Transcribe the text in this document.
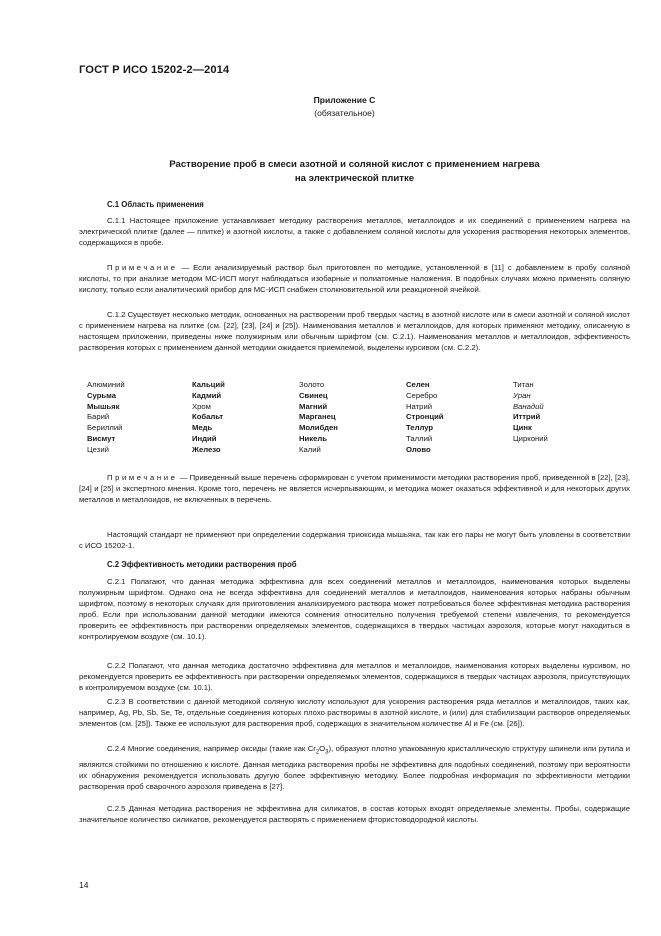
ГОСТ Р ИСО 15202-2—2014
Приложение С
(обязательное)
Растворение проб в смеси азотной и соляной кислот с применением нагрева
на электрической плитке
С.1 Область применения

С.1.1 Настоящее приложение устанавливает методику растворения металлов, металлоидов и их соединений с применением нагрева на электрической плитке (далее — плитке) и азотной кислоты, а также с добавлением соляной кислоты для ускорения растворения некоторых элементов, содержащихся в пробе.

Примечание — Если анализируемый раствор был приготовлен по методике, установленной в [11] с добавлением в пробу соляной кислоты, то при анализе методом МС-ИСП могут наблюдаться изобарные и полиатомные наложения. В подобных случаях можно применять соляную кислоту, только если аналитический прибор для МС-ИСП снабжен столкновительной или реакционной ячейкой.

С.1.2 Существует несколько методик, основанных на растворении проб твердых частиц в азотной кислоте или в смеси азотной и соляной кислот с применением нагрева на плитке (см. [22], [23], [24] и [25]). Наименования металлов и металлоидов, для которых применяют методику, описанную в настоящем приложении, приведены ниже полужирным или обычным шрифтом (см. С.2.1). Наименования металлов и металлоидов, эффективность растворения которых с применением данной методики ожидается приемлемой, выделены курсивом (см. С.2.2).

Алюминий
Сурьма
Мышьяк
Барий
Бериллий
Висмут
Цезий
Кальций
Кадмий
Хром
Кобальт
Медь
Индий
Железо
Золото
Свинец
Магний
Марганец
Молибден
Никель
Калий
Селен
Серебро
Натрий
Стронций
Теллур
Таллий
Олово
Титан
Уран
Ванадий
Иттрий
Цинк
Цирконий

Примечание — Приведенный выше перечень сформирован с учетом применимости методики растворения проб, приведенной в [22], [23], [24] и [25] и экспертного мнения. Кроме того, перечень не является исчерпывающим, и методика может оказаться эффективной и для некоторых других металлов и металлоидов, не включенных в перечень.

Настоящий стандарт не применяют при определении содержания триоксида мышьяка, так как его пары не могут быть уловлены в соответствии с ИСО 15202-1.

С.2 Эффективность методики растворения проб

С.2.1 Полагают, что данная методика эффективна для всех соединений металлов и металлоидов, наименования которых выделены полужирным шрифтом. Однако она не всегда эффективна для соединений металлов и металлоидов, наименования которых набраны обычным шрифтом, поэтому в некоторых случаях для приготовления анализируемого раствора может потребоваться более эффективная методика растворения проб. Если при использовании данной методики имеются сомнения относительно получения требуемой степени извлечения, то рекомендуется проверить ее эффективность при растворении определяемых элементов, содержащихся в твердых частицах аэрозоля, которые могут находиться в контролируемом воздухе (см. 10.1).

С.2.2 Полагают, что данная методика достаточно эффективна для металлов и металлоидов, наименования которых выделены курсивом, но рекомендуется проверить ее эффективность при растворении определяемых элементов, содержащихся в твердых частицах аэрозоля, присутствующих в контролируемом воздухе (см. 10.1).

С.2.3 В соответствии с данной методикой соляную кислоту используют для ускорения растворения ряда металлов и металлоидов, таких как, например, Ag, Pb, Sb, Se, Te, отдельные соединения которых плохо растворимы в азотной кислоте, и (или) для стабилизации растворов определяемых элементов (см. [25]). Также ее используют для растворения проб, содержащих в значительном количестве Al и Fe (см. [26]).

С.2.4 Многие соединения, например оксиды (такие как $Cr_2O_3$), образуют плотно упакованную кристаллическую структуру шпинели или рутила и являются стойкими по отношению к кислоте. Данная методика растворения пробы не эффективна для подобных соединений, поэтому при вероятности их обнаружения рекомендуется использовать другую более эффективную методику. Более подробная информация по эффективности методики растворения проб сварочного аэрозоля приведена в [27].

С.2.5 Данная методика растворения не эффективна для силикатов, в состав которых входят определяемые элементы. Пробы, содержащие значительное количество силикатов, рекомендуется растворять с применением фтористоводородной кислоты.

14
